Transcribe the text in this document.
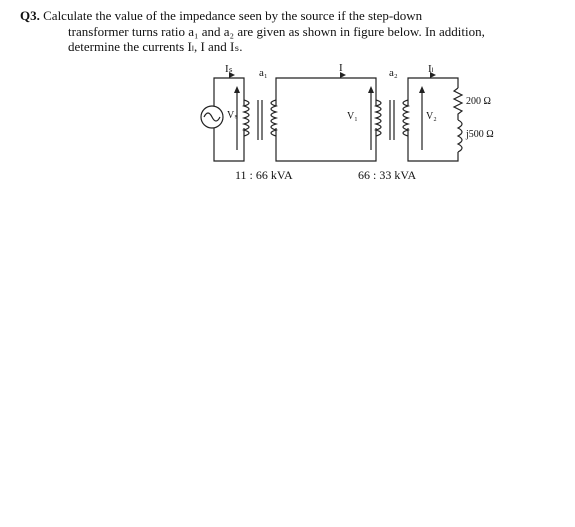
Q3. Calculate the value of the impedance seen by the source if the step-down
transformer turns ratio a₁ and a₂ are given as shown in figure below. In addition,
determine the currents Iₗ, I and Iₛ.
Iₛ a₁	I	a₂	Iₗ
Vₛ	V₁	V₂
200 Ω
j500 Ω
11 : 66 kVA	66 : 33 kVA
